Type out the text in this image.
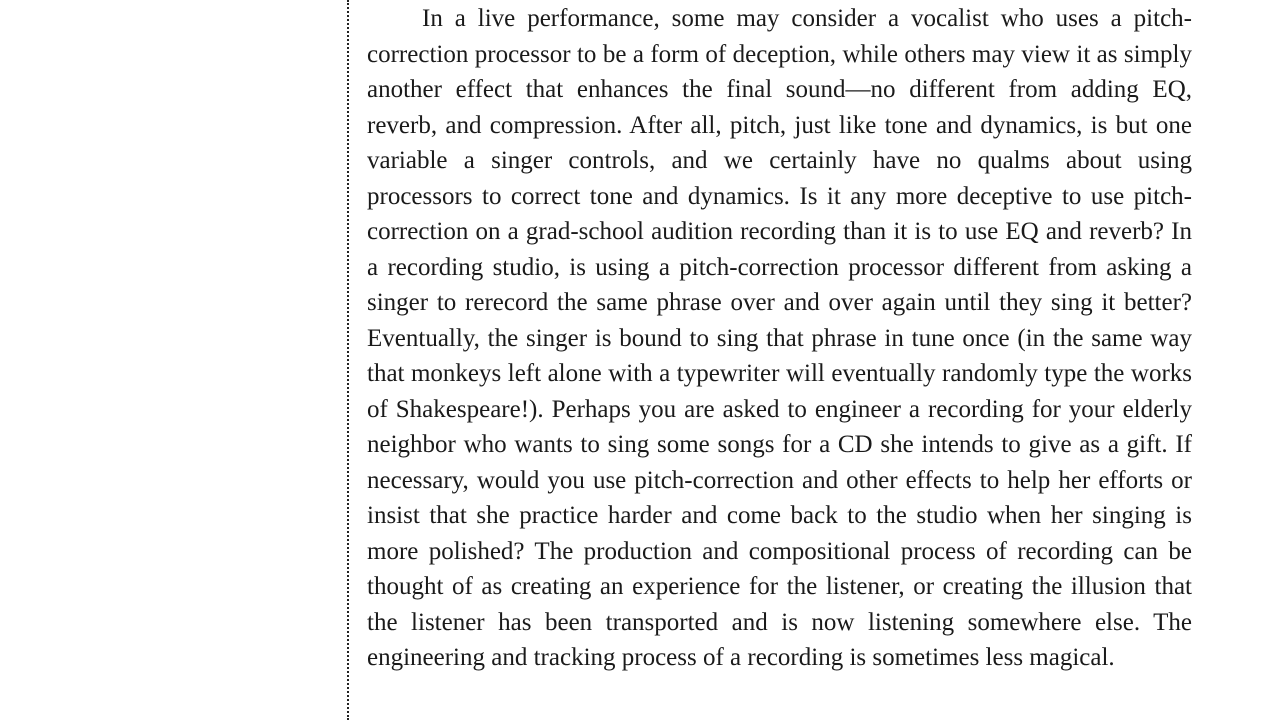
In a live performance, some may consider a vocalist who uses a pitch-correction processor to be a form of deception, while others may view it as simply another effect that enhances the final sound—no different from adding EQ, reverb, and compression. After all, pitch, just like tone and dynamics, is but one variable a singer controls, and we certainly have no qualms about using processors to correct tone and dynamics. Is it any more deceptive to use pitch-correction on a grad-school audition recording than it is to use EQ and reverb? In a recording studio, is using a pitch-correction processor different from asking a singer to rerecord the same phrase over and over again until they sing it better? Eventually, the singer is bound to sing that phrase in tune once (in the same way that monkeys left alone with a typewriter will eventually randomly type the works of Shakespeare!). Perhaps you are asked to engineer a recording for your elderly neighbor who wants to sing some songs for a CD she intends to give as a gift. If necessary, would you use pitch-correction and other effects to help her efforts or insist that she practice harder and come back to the studio when her singing is more polished? The production and compositional process of recording can be thought of as creating an experience for the listener, or creating the illusion that the listener has been transported and is now listening somewhere else. The engineering and tracking process of a recording is sometimes less magical.
